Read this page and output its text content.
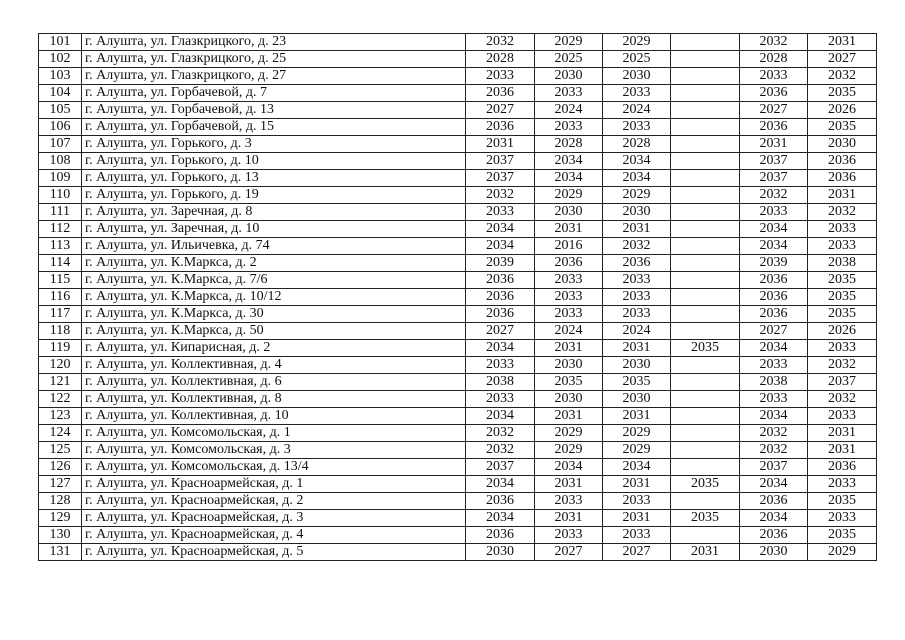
101	г. Алушта, ул. Глазкрицкого, д. 23	2032	2029	2029		2032	2031
102	г. Алушта, ул. Глазкрицкого, д. 25	2028	2025	2025		2028	2027
103	г. Алушта, ул. Глазкрицкого, д. 27	2033	2030	2030		2033	2032
104	г. Алушта, ул. Горбачевой, д. 7	2036	2033	2033		2036	2035
105	г. Алушта, ул. Горбачевой, д. 13	2027	2024	2024		2027	2026
106	г. Алушта, ул. Горбачевой, д. 15	2036	2033	2033		2036	2035
107	г. Алушта, ул. Горького, д. 3	2031	2028	2028		2031	2030
108	г. Алушта, ул. Горького, д. 10	2037	2034	2034		2037	2036
109	г. Алушта, ул. Горького, д. 13	2037	2034	2034		2037	2036
110	г. Алушта, ул. Горького, д. 19	2032	2029	2029		2032	2031
111	г. Алушта, ул. Заречная, д. 8	2033	2030	2030		2033	2032
112	г. Алушта, ул. Заречная, д. 10	2034	2031	2031		2034	2033
113	г. Алушта, ул. Ильичевка, д. 74	2034	2016	2032		2034	2033
114	г. Алушта, ул. К.Маркса, д. 2	2039	2036	2036		2039	2038
115	г. Алушта, ул. К.Маркса, д. 7/6	2036	2033	2033		2036	2035
116	г. Алушта, ул. К.Маркса, д. 10/12	2036	2033	2033		2036	2035
117	г. Алушта, ул. К.Маркса, д. 30	2036	2033	2033		2036	2035
118	г. Алушта, ул. К.Маркса, д. 50	2027	2024	2024		2027	2026
119	г. Алушта, ул. Кипарисная, д. 2	2034	2031	2031	2035	2034	2033
120	г. Алушта, ул. Коллективная, д. 4	2033	2030	2030		2033	2032
121	г. Алушта, ул. Коллективная, д. 6	2038	2035	2035		2038	2037
122	г. Алушта, ул. Коллективная, д. 8	2033	2030	2030		2033	2032
123	г. Алушта, ул. Коллективная, д. 10	2034	2031	2031		2034	2033
124	г. Алушта, ул. Комсомольская, д. 1	2032	2029	2029		2032	2031
125	г. Алушта, ул. Комсомольская, д. 3	2032	2029	2029		2032	2031
126	г. Алушта, ул. Комсомольская, д. 13/4	2037	2034	2034		2037	2036
127	г. Алушта, ул. Красноармейская, д. 1	2034	2031	2031	2035	2034	2033
128	г. Алушта, ул. Красноармейская, д. 2	2036	2033	2033		2036	2035
129	г. Алушта, ул. Красноармейская, д. 3	2034	2031	2031	2035	2034	2033
130	г. Алушта, ул. Красноармейская, д. 4	2036	2033	2033		2036	2035
131	г. Алушта, ул. Красноармейская, д. 5	2030	2027	2027	2031	2030	2029
